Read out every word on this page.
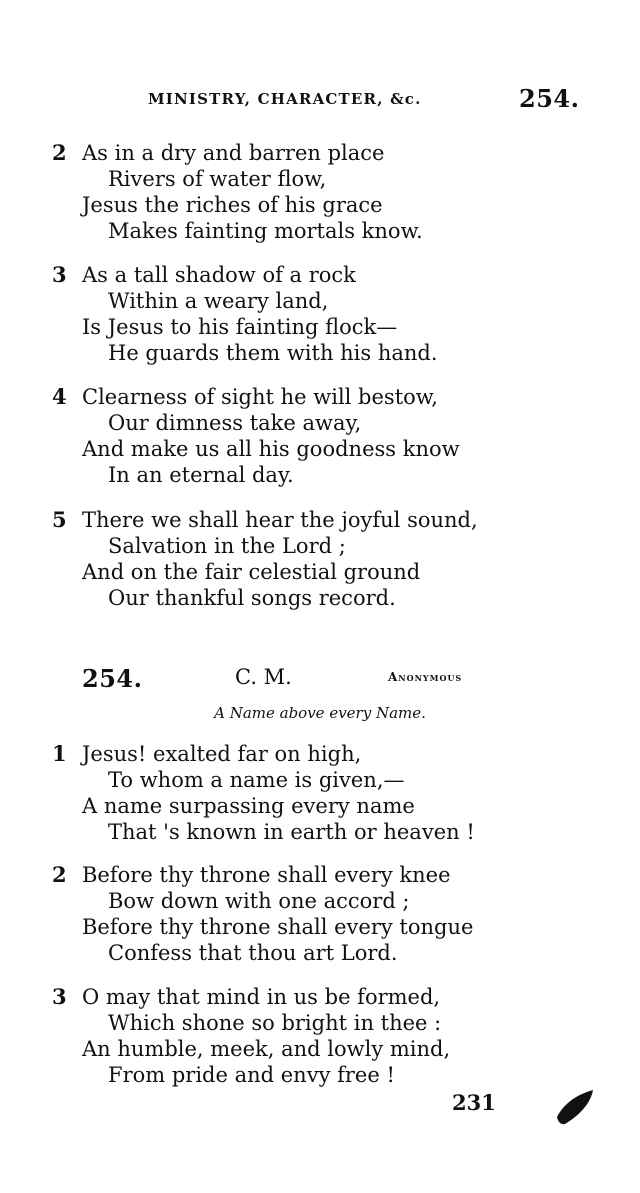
MINISTRY, CHARACTER, &c.	254.
2 As in a dry and barren place
Rivers of water flow,
Jesus the riches of his grace
Makes fainting mortals know.
3 As a tall shadow of a rock
Within a weary land,
Is Jesus to his fainting flock—
He guards them with his hand.
4 Clearness of sight he will bestow,
Our dimness take away,
And make us all his goodness know
In an eternal day.
5 There we shall hear the joyful sound,
Salvation in the Lord ;
And on the fair celestial ground
Our thankful songs record.
254.	C. M.	Anonymous
A Name above every Name.
1 Jesus! exalted far on high,
To whom a name is given,—
A name surpassing every name
That 's known in earth or heaven !
2 Before thy throne shall every knee
Bow down with one accord ;
Before thy throne shall every tongue
Confess that thou art Lord.
3 O may that mind in us be formed,
Which shone so bright in thee :
An humble, meek, and lowly mind,
From pride and envy free !
231
